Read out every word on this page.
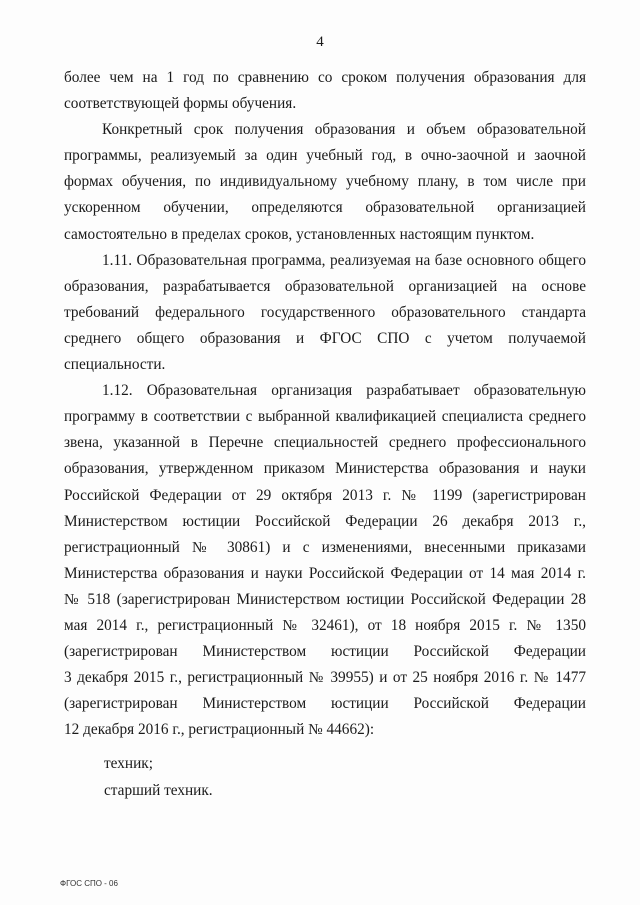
4
более чем на 1 год по сравнению со сроком получения образования для
соответствующей формы обучения.
Конкретный срок получения образования и объем образовательной
программы, реализуемый за один учебный год, в очно-заочной и заочной
формах обучения, по индивидуальному учебному плану, в том числе при
ускоренном обучении, определяются образовательной организацией
самостоятельно в пределах сроков, установленных настоящим пунктом.
1.11. Образовательная программа, реализуемая на базе основного общего
образования, разрабатывается образовательной организацией на основе
требований федерального государственного образовательного стандарта
среднего общего образования и ФГОС СПО с учетом получаемой
специальности.
1.12. Образовательная организация разрабатывает образовательную
программу в соответствии с выбранной квалификацией специалиста среднего
звена, указанной в Перечне специальностей среднего профессионального
образования, утвержденном приказом Министерства образования и науки
Российской Федерации от 29 октября 2013 г. № 1199 (зарегистрирован
Министерством юстиции Российской Федерации 26 декабря 2013 г.,
регистрационный № 30861) и с изменениями, внесенными приказами
Министерства образования и науки Российской Федерации от 14 мая 2014 г.
№ 518 (зарегистрирован Министерством юстиции Российской Федерации 28
мая 2014 г., регистрационный № 32461), от 18 ноября 2015 г. № 1350
(зарегистрирован Министерством юстиции Российской Федерации
3 декабря 2015 г., регистрационный № 39955) и от 25 ноября 2016 г. № 1477
(зарегистрирован Министерством юстиции Российской Федерации
12 декабря 2016 г., регистрационный № 44662):
техник;
старший техник.
ФГОС СПО - 06
